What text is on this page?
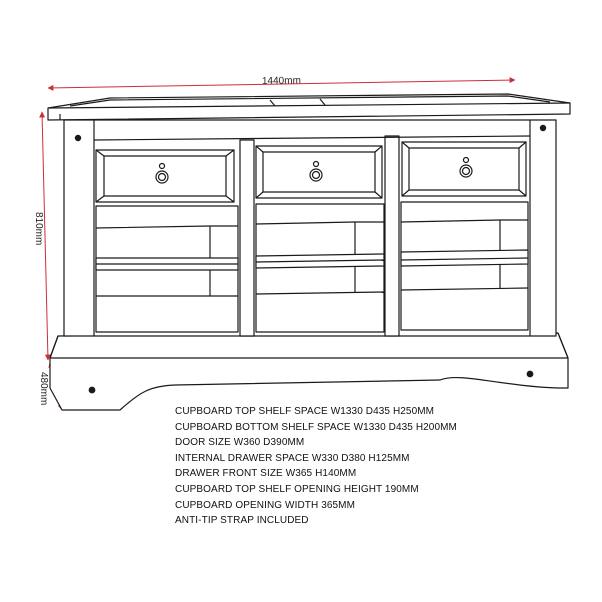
1440mm
810mm
480mm
CUPBOARD TOP SHELF SPACE W1330 D435 H250MM
CUPBOARD BOTTOM SHELF SPACE W1330 D435 H200MM
DOOR SIZE W360 D390MM
INTERNAL DRAWER SPACE W330 D380 H125MM
DRAWER FRONT SIZE W365 H140MM
CUPBOARD TOP SHELF OPENING HEIGHT 190MM
CUPBOARD OPENING WIDTH 365MM
ANTI-TIP STRAP INCLUDED
